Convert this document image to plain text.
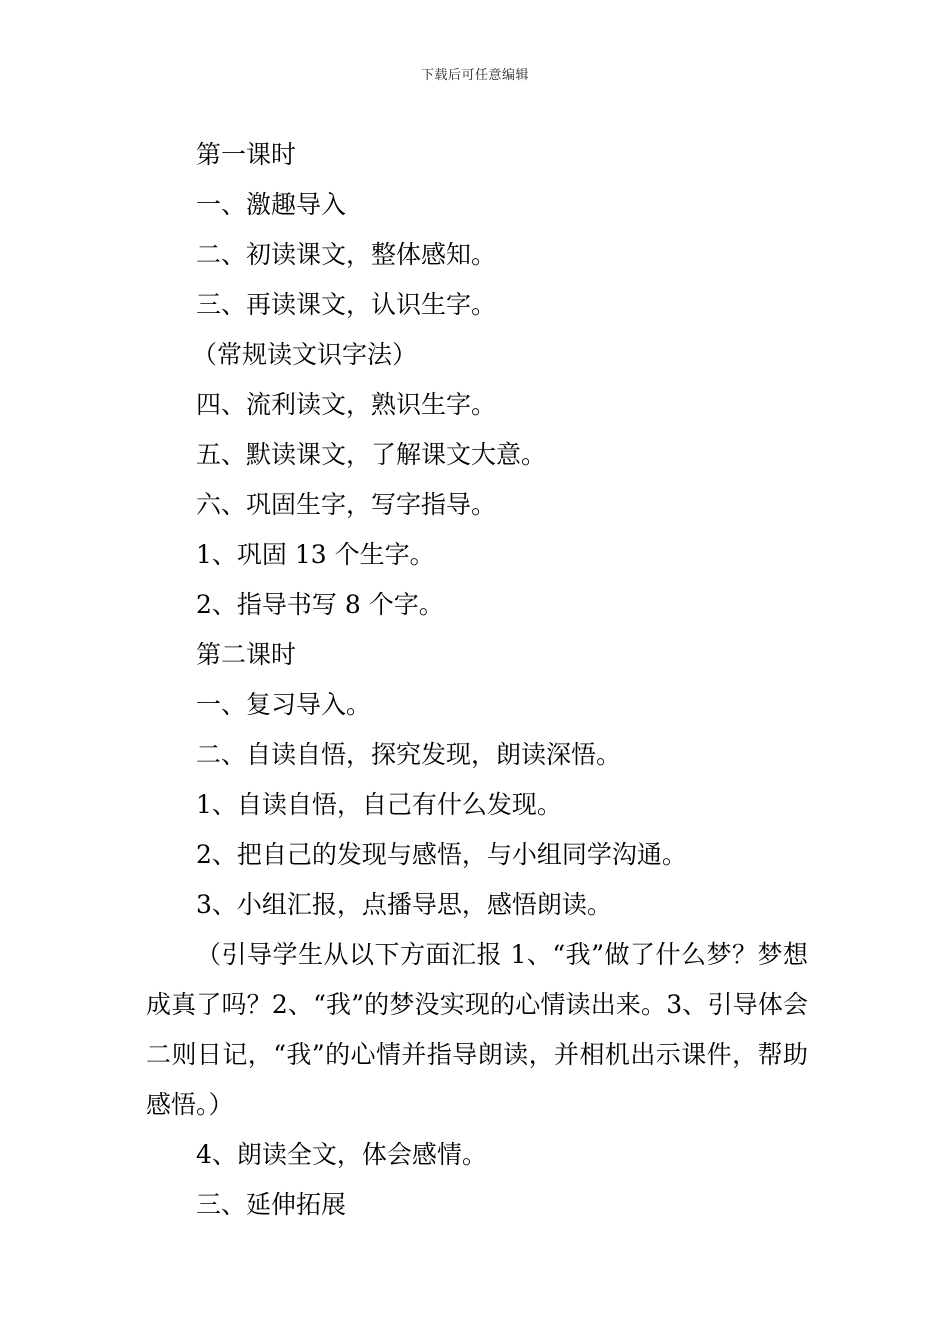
下载后可任意编辑
第一课时
一、激趣导入
二、初读课文，整体感知。
三、再读课文，认识生字。
（常规读文识字法）
四、流利读文，熟识生字。
五、默读课文，了解课文大意。
六、巩固生字，写字指导。
1、巩固 13 个生字。
2、指导书写 8 个字。
第二课时
一、复习导入。
二、自读自悟，探究发现，朗读深悟。
1、自读自悟，自己有什么发现。
2、把自己的发现与感悟，与小组同学沟通。
3、小组汇报，点播导思，感悟朗读。

（引导学生从以下方面汇报 1、“我”做了什么梦？梦想成真了吗？2、“我”的梦没实现的心情读出来。3、引导体会二则日记，“我”的心情并指导朗读，并相机出示课件，帮助感悟。）

4、朗读全文，体会感情。
三、延伸拓展
